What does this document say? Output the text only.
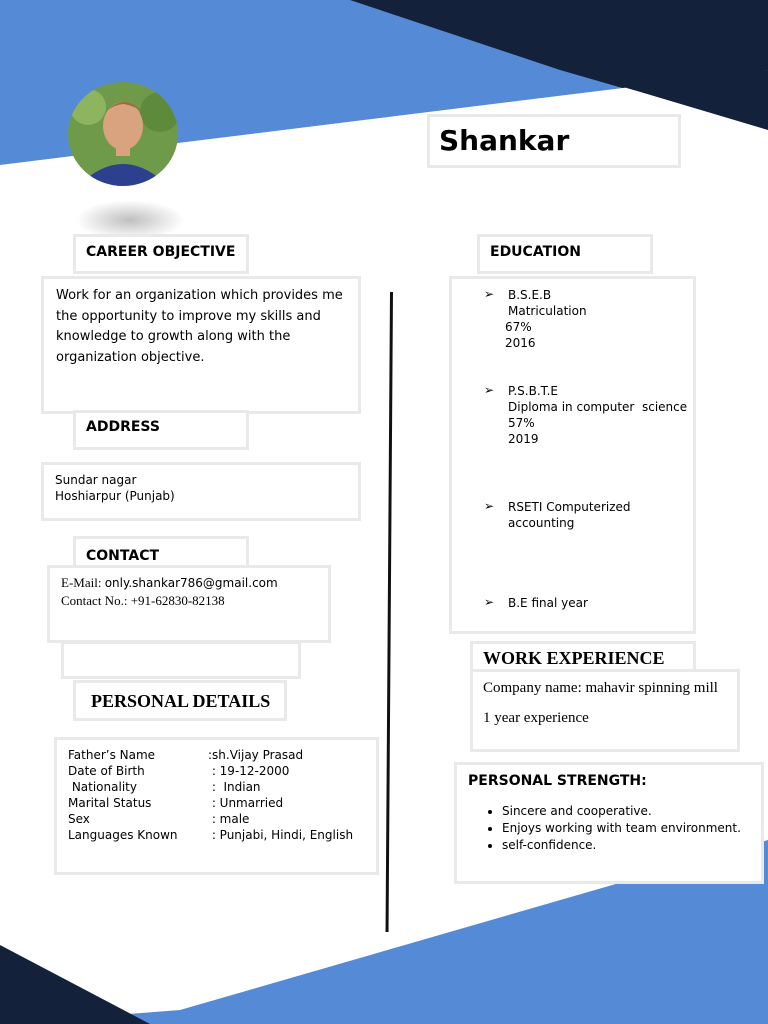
Shankar
CAREER OBJECTIVE
Work for an organization which provides me
the opportunity to improve my skills and
knowledge to growth along with the
organization objective.
ADDRESS
Sundar nagar
Hoshiarpur (Punjab)
CONTACT
E-Mail: only.shankar786@gmail.com
Contact No.: +91-62830-82138
PERSONAL DETAILS
Father’s Name	:sh.Vijay Prasad
Date of Birth	: 19-12-2000
Nationality	:  Indian
Marital Status	: Unmarried
Sex	: male
Languages Known	: Punjabi, Hindi, English
EDUCATION
➢ B.S.E.B
Matriculation
67%
2016
➢ P.S.B.T.E
Diploma in computer  science
57%
2019
➢ RSETI Computerized
accounting
➢ B.E final year
WORK EXPERIENCE
Company name: mahavir spinning mill
1 year experience
PERSONAL STRENGTH:
• Sincere and cooperative.
• Enjoys working with team environment.
• self-confidence.
